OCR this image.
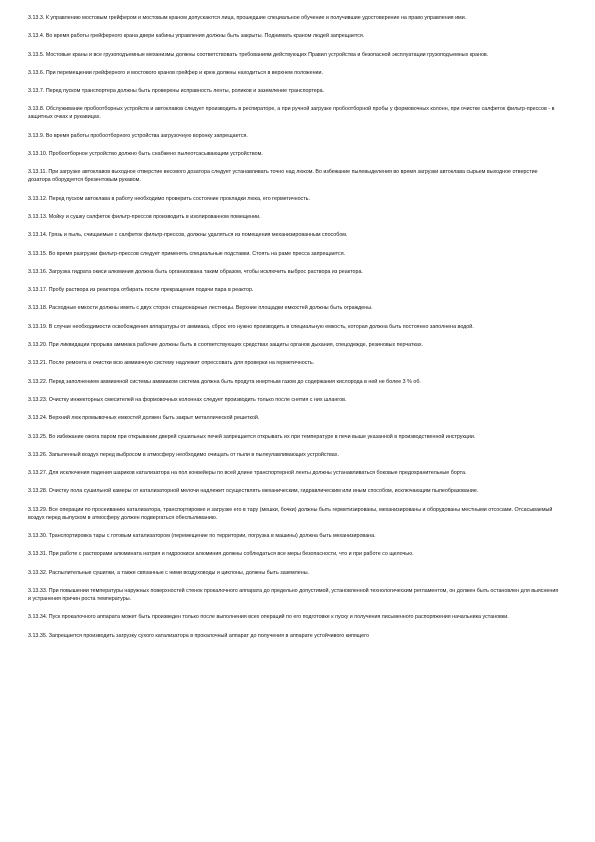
3.13.3. К управлению мостовым грейфером и мостовым краном допускаются лица, прошедшие специальное обучение и получившие удостоверение на право управления ими.

3.13.4. Во время работы грейферного крана двери кабины управления должны быть закрыты. Поднимать краном людей запрещается.

3.13.5. Мостовые краны и все грузоподъемные механизмы должны соответствовать требованиям действующих Правил устройства и безопасной эксплуатации грузоподъемных кранов.

3.13.6. При перемещении грейферного и мостового кранов грейфер и крюк должны находиться в верхнем положении.

3.13.7. Перед пуском транспортера должны быть проверены исправность ленты, роликов и заземление транспортера.

3.13.8. Обслуживание пробоотборных устройств и автоклавов следует производить в респираторе, а при ручной загрузке пробоотборной пробы у формовочных колонн, при очистке салфеток фильтр-прессов - в защитных очках и рукавицах.

3.13.9. Во время работы пробоотборного устройства загрузочную воронку запрещается.

3.13.10. Пробоотборное устройство должно быть снабжено пылеотсасывающим устройством.

3.13.11. При загрузке автоклавов выходное отверстие весового дозатора следует устанавливать точно над люком. Во избежание пылевыделения во время загрузки автоклава сырьем выходное отверстие дозатора оборудуется брезентовым рукавом.

3.13.12. Перед пуском автоклава в работу необходимо проверить состояние прокладки люка, его герметичность.

3.13.13. Мойку и сушку салфеток фильтр-прессов производить в изолированном помещении.

3.13.14. Грязь и пыль, счищаемые с салфеток фильтр-прессов, должны удаляться из помещения механизированным способом.

3.13.15. Во время разгрузки фильтр-прессов следует применять специальные подставки. Стоять на раме пресса запрещается.

3.13.16. Загрузка гидрата окиси алюминия должна быть организована таким образом, чтобы исключить выброс раствора из реактора.

3.13.17. Пробу раствора из реактора отбирать после прекращения подачи пара в реактор.

3.13.18. Расходные емкости должны иметь с двух сторон стационарные лестницы. Верхние площадки емкостей должны быть ограждены.

3.13.19. В случае необходимости освобождения аппаратуры от аммиака, сброс его нужно производить в специальную емкость, которая должна быть постоянно заполнена водой.

3.13.20. При ликвидации прорыва аммиака рабочие должны быть в соответствующих средствах защиты органов дыхания, спецодежде, резиновых перчатках.

3.13.21. После ремонта и очистки всю аммиачную систему надлежит опрессовать для проверки на герметичность.

3.13.22. Перед заполнением аммиачной системы аммиаком система должна быть продута инертным газом до содержания кислорода в ней не более 3 % об.

3.13.23. Очистку инжекторных смесителей на формовочных колоннах следует производить только после снятия с них шлангов.

3.13.24. Верхний люк промывочных емкостей должен быть закрыт металлической решеткой.

3.13.25. Во избежание ожога паром при открывании дверей сушильных печей запрещается открывать их при температуре в печи выше указанной в производственной инструкции.

3.13.26. Запыленный воздух перед выбросом в атмосферу необходимо очищать от пыли в пылеулавливающих устройствах.

3.13.27. Для исключения падения шариков катализатора на пол конвейеры по всей длине транспортерной ленты должны устанавливаться боковые предохранительные борта.

3.13.28. Очистку пола сушильной камеры от катализаторной мелочи надлежит осуществлять механическим, гидравлическим или иным способом, исключающим пылеобразование.

3.13.29. Все операции по просеиванию катализатора, транспортировке и загрузке его в тару (мешки, бочки) должны быть герметизированы, механизированы и оборудованы местными отсосами. Отсасываемый воздух перед выпуском в атмосферу должен подвергаться обеспыливанию.

3.13.30. Транспортировка тары с готовым катализатором (перемещение по территории, погрузка в машины) должна быть механизирована.

3.13.31. При работе с растворами алюмината натрия и гидроокиси алюминия должны соблюдаться все меры безопасности, что и при работе со щелочью.

3.13.32. Распылительные сушилки, а также связанные с ними воздуховоды и циклоны, должны быть заземлены.

3.13.33. При повышении температуры наружных поверхностей стенок прокалочного аппарата до предельно допустимой, установленной технологическим регламентом, он должен быть остановлен для выяснения и устранения причин роста температуры.

3.13.34. Пуск прокалочного аппарата может быть произведен только после выполнения всех операций по его подготовке к пуску и получения письменного распоряжения начальника установки.

3.13.35. Запрещается производить загрузку сухого катализатора в прокалочный аппарат до получения в аппарате устойчивого кипящего
